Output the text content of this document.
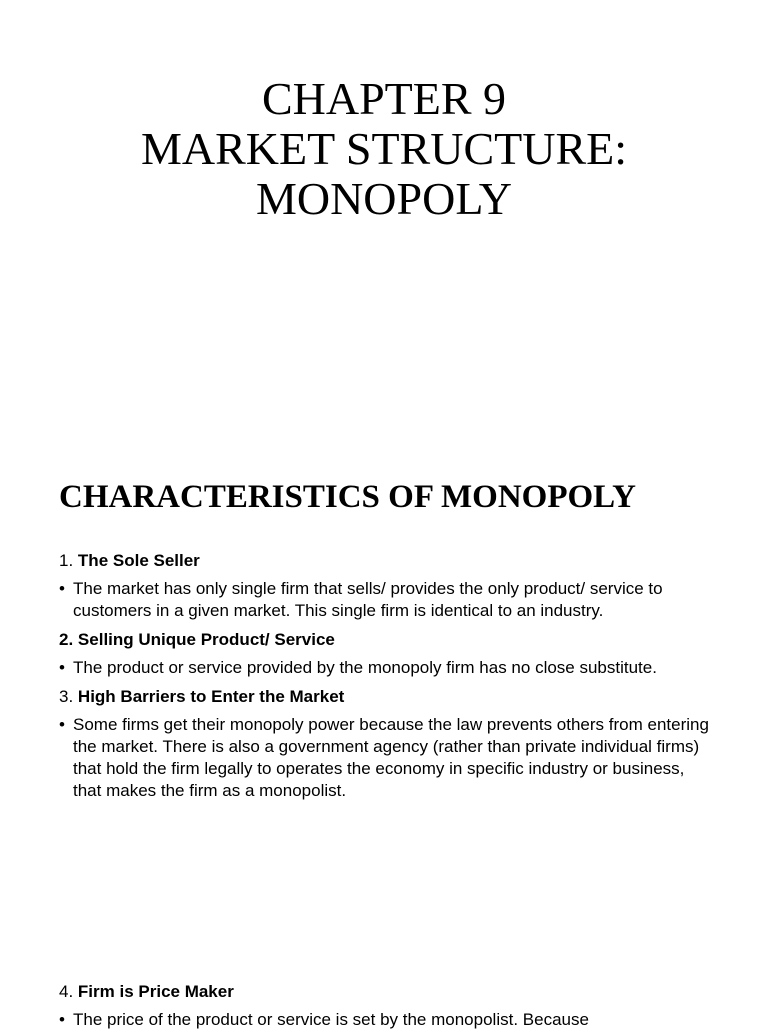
CHAPTER 9
MARKET STRUCTURE:
MONOPOLY
CHARACTERISTICS OF MONOPOLY

1. The Sole Seller

• The market has only single firm that sells/ provides the only product/ service to customers in a given market. This single firm is identical to an industry.

2. Selling Unique Product/ Service

• The product or service provided by the monopoly firm has no close substitute.

3. High Barriers to Enter the Market

• Some firms get their monopoly power because the law prevents others from entering the market. There is also a government agency (rather than private individual firms) that hold the firm legally to operates the economy in specific industry or business, that makes the firm as a monopolist.

4. Firm is Price Maker

• The price of the product or service is set by the monopolist. Because
